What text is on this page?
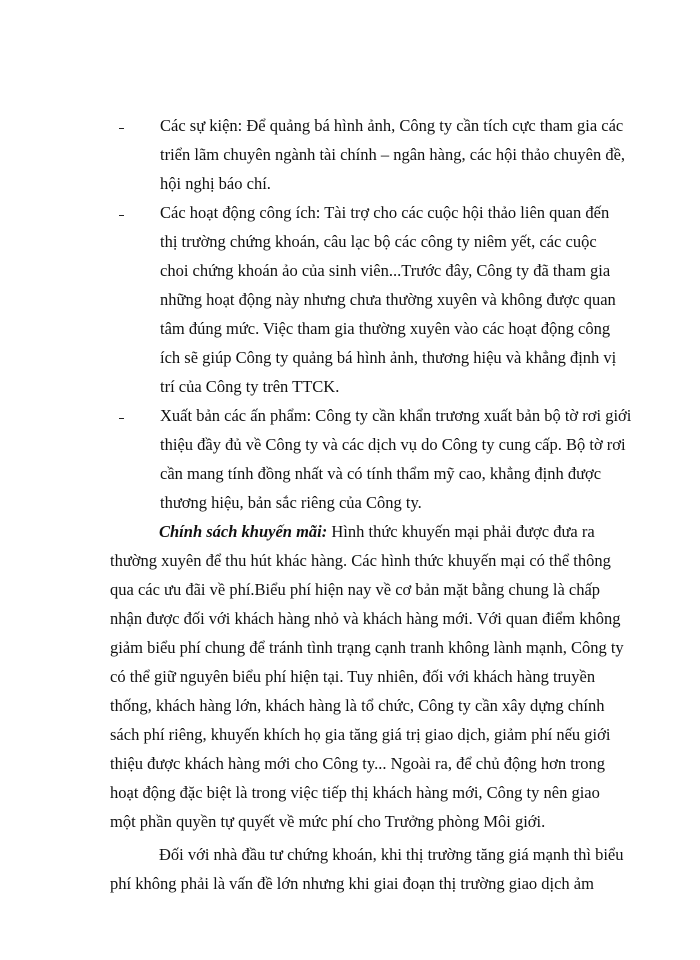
Các sự kiện: Để quảng bá hình ảnh, Công ty cần tích cực tham gia các
triển lãm chuyên ngành tài chính – ngân hàng, các hội thảo chuyên đề,
hội nghị báo chí.
Các hoạt động công ích: Tài trợ cho các cuộc hội thảo liên quan đến
thị trường chứng khoán, câu lạc bộ các công ty niêm yết, các cuộc
choi chứng khoán ảo của sinh viên...Trước đây, Công ty đã tham gia
những hoạt động này nhưng chưa thường xuyên và không được quan
tâm đúng mức. Việc tham gia thường xuyên vào các hoạt động công
ích sẽ giúp Công ty quảng bá hình ảnh, thương hiệu và khẳng định vị
trí của Công ty trên TTCK.
Xuất bản các ấn phẩm: Công ty cần khẩn trương xuất bản bộ tờ rơi giới
thiệu đầy đủ về Công ty và các dịch vụ do Công ty cung cấp. Bộ tờ rơi
cần mang tính đồng nhất và có tính thẩm mỹ cao, khẳng định được
thương hiệu, bản sắc riêng của Công ty.
Chính sách khuyến mãi: Hình thức khuyến mại phải được đưa ra
thường xuyên để thu hút khác hàng. Các hình thức khuyến mại có thể thông
qua các ưu đãi về phí.Biểu phí hiện nay về cơ bản mặt bằng chung là chấp
nhận được đối với khách hàng nhỏ và khách hàng mới. Với quan điểm không
giảm biểu phí chung để tránh tình trạng cạnh tranh không lành mạnh, Công ty
có thể giữ nguyên biểu phí hiện tại. Tuy nhiên, đối với khách hàng truyền
thống, khách hàng lớn, khách hàng là tổ chức, Công ty cần xây dựng chính
sách phí riêng, khuyến khích họ gia tăng giá trị giao dịch, giảm phí nếu giới
thiệu được khách hàng mới cho Công ty... Ngoài ra, để chủ động hơn trong
hoạt động đặc biệt là trong việc tiếp thị khách hàng mới, Công ty nên giao
một phần quyền tự quyết về mức phí cho Trưởng phòng Môi giới.
Đối với nhà đầu tư chứng khoán, khi thị trường tăng giá mạnh thì biểu
phí không phải là vấn đề lớn nhưng khi giai đoạn thị trường giao dịch ảm
